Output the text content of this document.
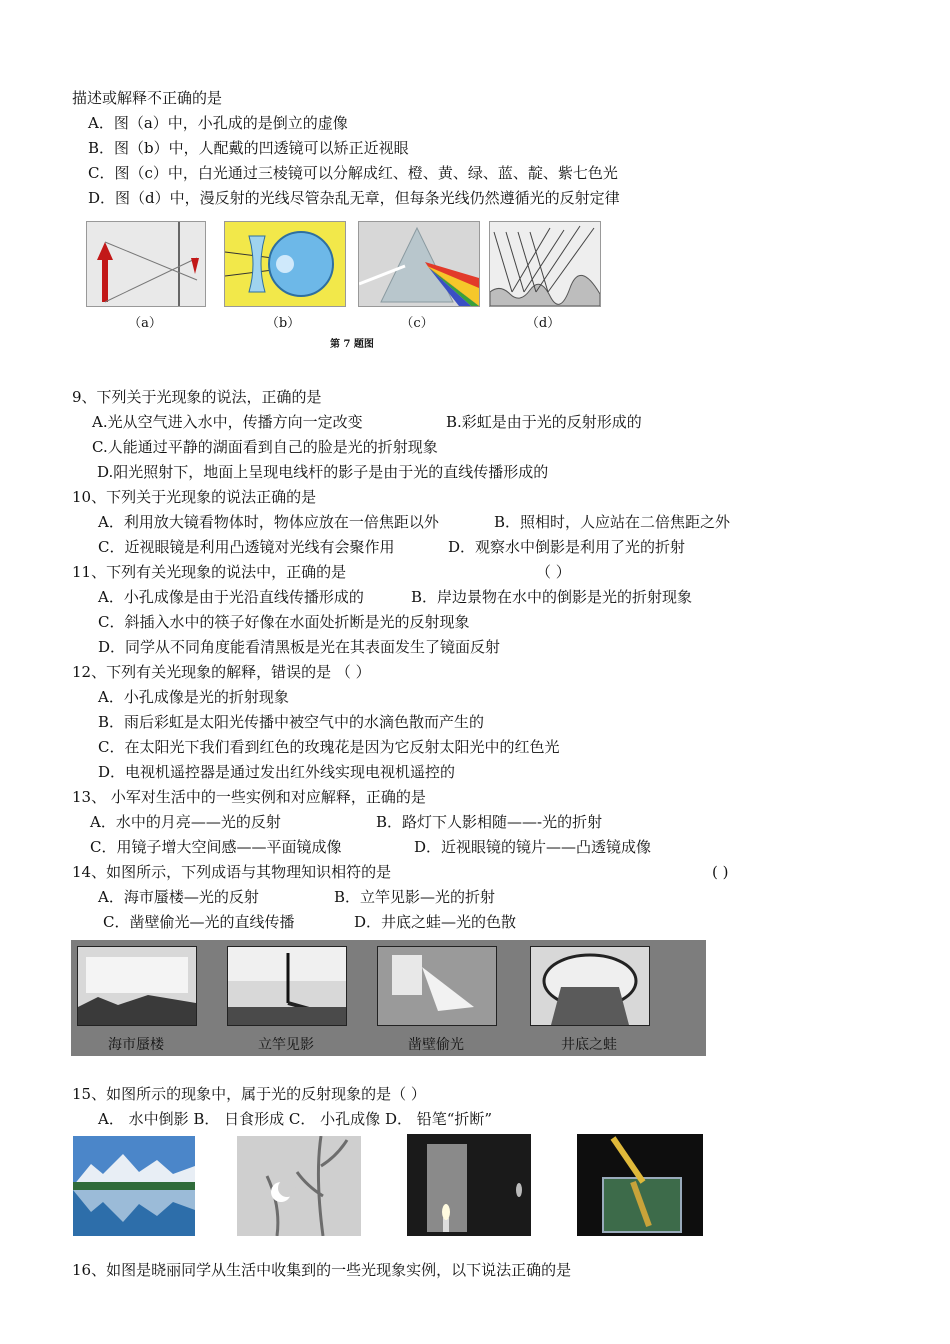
描述或解释不正确的是
A．图（a）中，小孔成的是倒立的虚像
B．图（b）中，人配戴的凹透镜可以矫正近视眼
C．图（c）中，白光通过三棱镜可以分解成红、橙、黄、绿、蓝、靛、紫七色光
D．图（d）中，漫反射的光线尽管杂乱无章，但每条光线仍然遵循光的反射定律
（a）	（b）	（c）	（d）
第 7 题图
9、下列关于光现象的说法，正确的是
A.光从空气进入水中，传播方向一定改变	B.彩虹是由于光的反射形成的
C.人能通过平静的湖面看到自己的脸是光的折射现象
D.阳光照射下，地面上呈现电线杆的影子是由于光的直线传播形成的
10、下列关于光现象的说法正确的是
A．利用放大镜看物体时，物体应放在一倍焦距以外	B．照相时，人应站在二倍焦距之外
C．近视眼镜是利用凸透镜对光线有会聚作用	D．观察水中倒影是利用了光的折射
11、下列有关光现象的说法中，正确的是	（ ）
A．小孔成像是由于光沿直线传播形成的	B．岸边景物在水中的倒影是光的折射现象
C．斜插入水中的筷子好像在水面处折断是光的反射现象
D．同学从不同角度能看清黑板是光在其表面发生了镜面反射
12、下列有关光现象的解释，错误的是 （ ）
A．小孔成像是光的折射现象
B．雨后彩虹是太阳光传播中被空气中的水滴色散而产生的
C．在太阳光下我们看到红色的玫瑰花是因为它反射太阳光中的红色光
D．电视机遥控器是通过发出红外线实现电视机遥控的
13、 小军对生活中的一些实例和对应解释，正确的是
A．水中的月亮——光的反射	B．路灯下人影相随——-光的折射
C．用镜子增大空间感——平面镜成像	D．近视眼镜的镜片——凸透镜成像
14、如图所示，下列成语与其物理知识相符的是	( )
A．海市蜃楼—光的反射	B．立竿见影—光的折射
C．凿壁偷光—光的直线传播	D．井底之蛙—光的色散
海市蜃楼	立竿见影	凿壁偷光	井底之蛙
15、如图所示的现象中，属于光的反射现象的是（ ）
A． 水中倒影 B． 日食形成 C． 小孔成像 D． 铅笔“折断”
16、如图是晓丽同学从生活中收集到的一些光现象实例，以下说法正确的是
